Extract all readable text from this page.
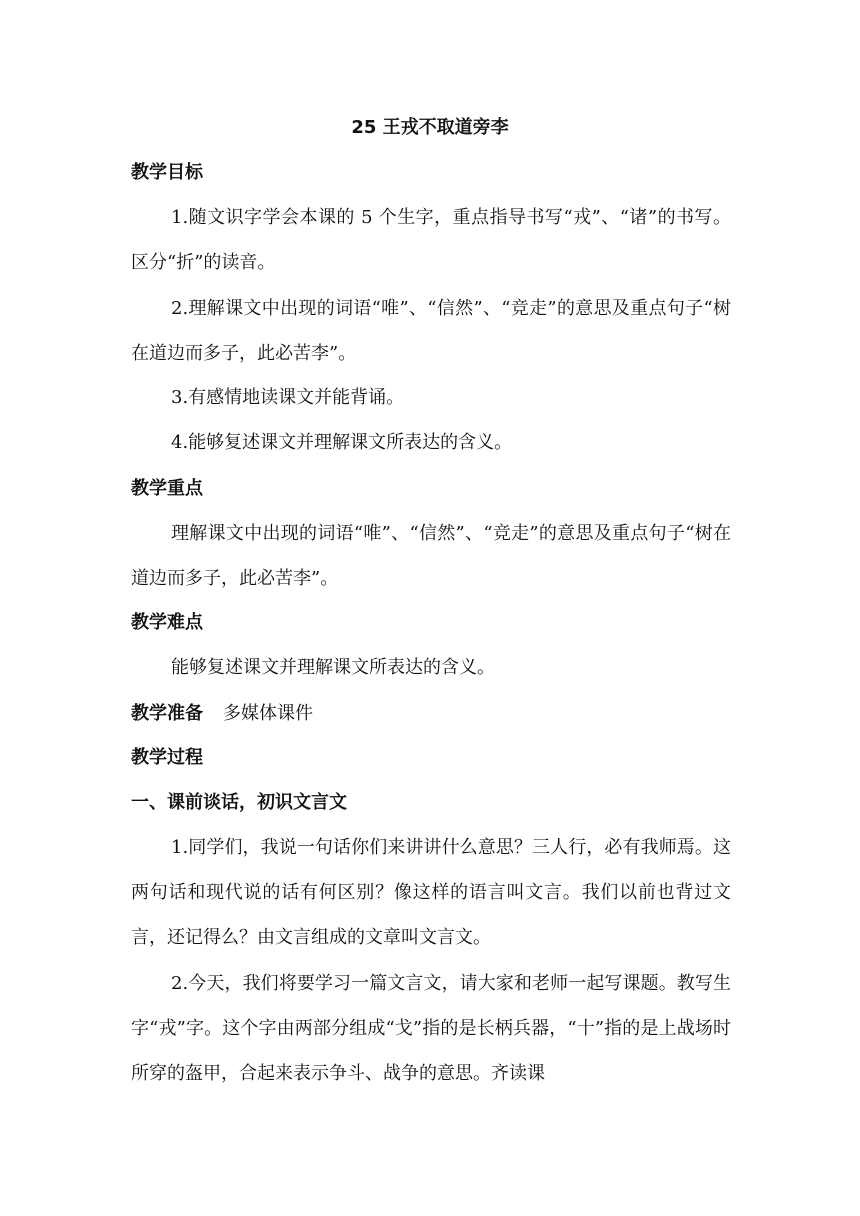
25 王戎不取道旁李
教学目标
1.随文识字学会本课的 5 个生字，重点指导书写“戎”、“诸”的书写。区分“折”的读音。
2.理解课文中出现的词语“唯”、“信然”、“竞走”的意思及重点句子“树在道边而多子，此必苦李”。
3.有感情地读课文并能背诵。
4.能够复述课文并理解课文所表达的含义。
教学重点
理解课文中出现的词语“唯”、“信然”、“竞走”的意思及重点句子“树在道边而多子，此必苦李”。
教学难点
能够复述课文并理解课文所表达的含义。
教学准备 多媒体课件
教学过程
一、课前谈话，初识文言文
1.同学们，我说一句话你们来讲讲什么意思？三人行，必有我师焉。这两句话和现代说的话有何区别？像这样的语言叫文言。我们以前也背过文言，还记得么？由文言组成的文章叫文言文。
2.今天，我们将要学习一篇文言文，请大家和老师一起写课题。教写生字“戎”字。这个字由两部分组成“戈”指的是长柄兵器，“十”指的是上战场时所穿的盔甲，合起来表示争斗、战争的意思。齐读课
